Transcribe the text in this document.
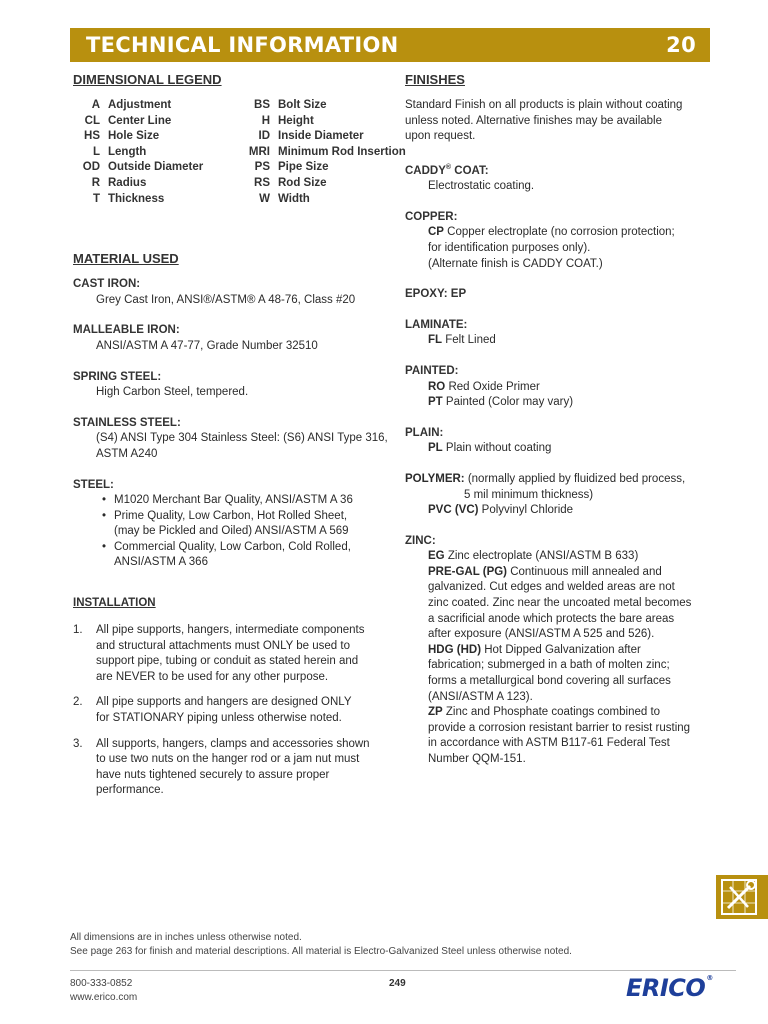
TECHNICAL INFORMATION	20
DIMENSIONAL LEGEND
A Adjustment	BS Bolt Size
CL Center Line	H Height
HS Hole Size	ID Inside Diameter
L Length	MRI Minimum Rod Insertion
OD Outside Diameter	PS Pipe Size
R Radius	RS Rod Size
T Thickness	W Width
MATERIAL USED
CAST IRON:
Grey Cast Iron, ANSI®/ASTM® A 48-76, Class #20
MALLEABLE IRON:
ANSI/ASTM A 47-77, Grade Number 32510
SPRING STEEL:
High Carbon Steel, tempered.
STAINLESS STEEL:
(S4) ANSI Type 304 Stainless Steel: (S6) ANSI Type 316,
ASTM A240
STEEL:
• M1020 Merchant Bar Quality, ANSI/ASTM A 36
• Prime Quality, Low Carbon, Hot Rolled Sheet,
(may be Pickled and Oiled) ANSI/ASTM A 569
• Commercial Quality, Low Carbon, Cold Rolled,
ANSI/ASTM A 366
INSTALLATION
1.	All pipe supports, hangers, intermediate components
and structural attachments must ONLY be used to
support pipe, tubing or conduit as stated herein and
are NEVER to be used for any other purpose.
2.	All pipe supports and hangers are designed ONLY
for STATIONARY piping unless otherwise noted.
3.	All supports, hangers, clamps and accessories shown
to use two nuts on the hanger rod or a jam nut must
have nuts tightened securely to assure proper
performance.
FINISHES
Standard Finish on all products is plain without coating
unless noted. Alternative finishes may be available
upon request.
CADDY® COAT:
Electrostatic coating.
COPPER:
CP Copper electroplate (no corrosion protection;
for identification purposes only).
(Alternate finish is CADDY COAT.)
EPOXY: EP
LAMINATE:
FL Felt Lined
PAINTED:
RO Red Oxide Primer
PT Painted (Color may vary)
PLAIN:
PL Plain without coating
POLYMER: (normally applied by fluidized bed process,
5 mil minimum thickness)
PVC (VC) Polyvinyl Chloride
ZINC:
EG Zinc electroplate (ANSI/ASTM B 633)
PRE-GAL (PG) Continuous mill annealed and
galvanized. Cut edges and welded areas are not
zinc coated. Zinc near the uncoated metal becomes
a sacrificial anode which protects the bare areas
after exposure (ANSI/ASTM A 525 and 526).
HDG (HD) Hot Dipped Galvanization after
fabrication; submerged in a bath of molten zinc;
forms a metallurgical bond covering all surfaces
(ANSI/ASTM A 123).
ZP Zinc and Phosphate coatings combined to
provide a corrosion resistant barrier to resist rusting
in accordance with ASTM B117-61 Federal Test
Number QQM-151.
All dimensions are in inches unless otherwise noted.
See page 263 for finish and material descriptions. All material is Electro-Galvanized Steel unless otherwise noted.
800-333-0852
www.erico.com
249	ERICO®
